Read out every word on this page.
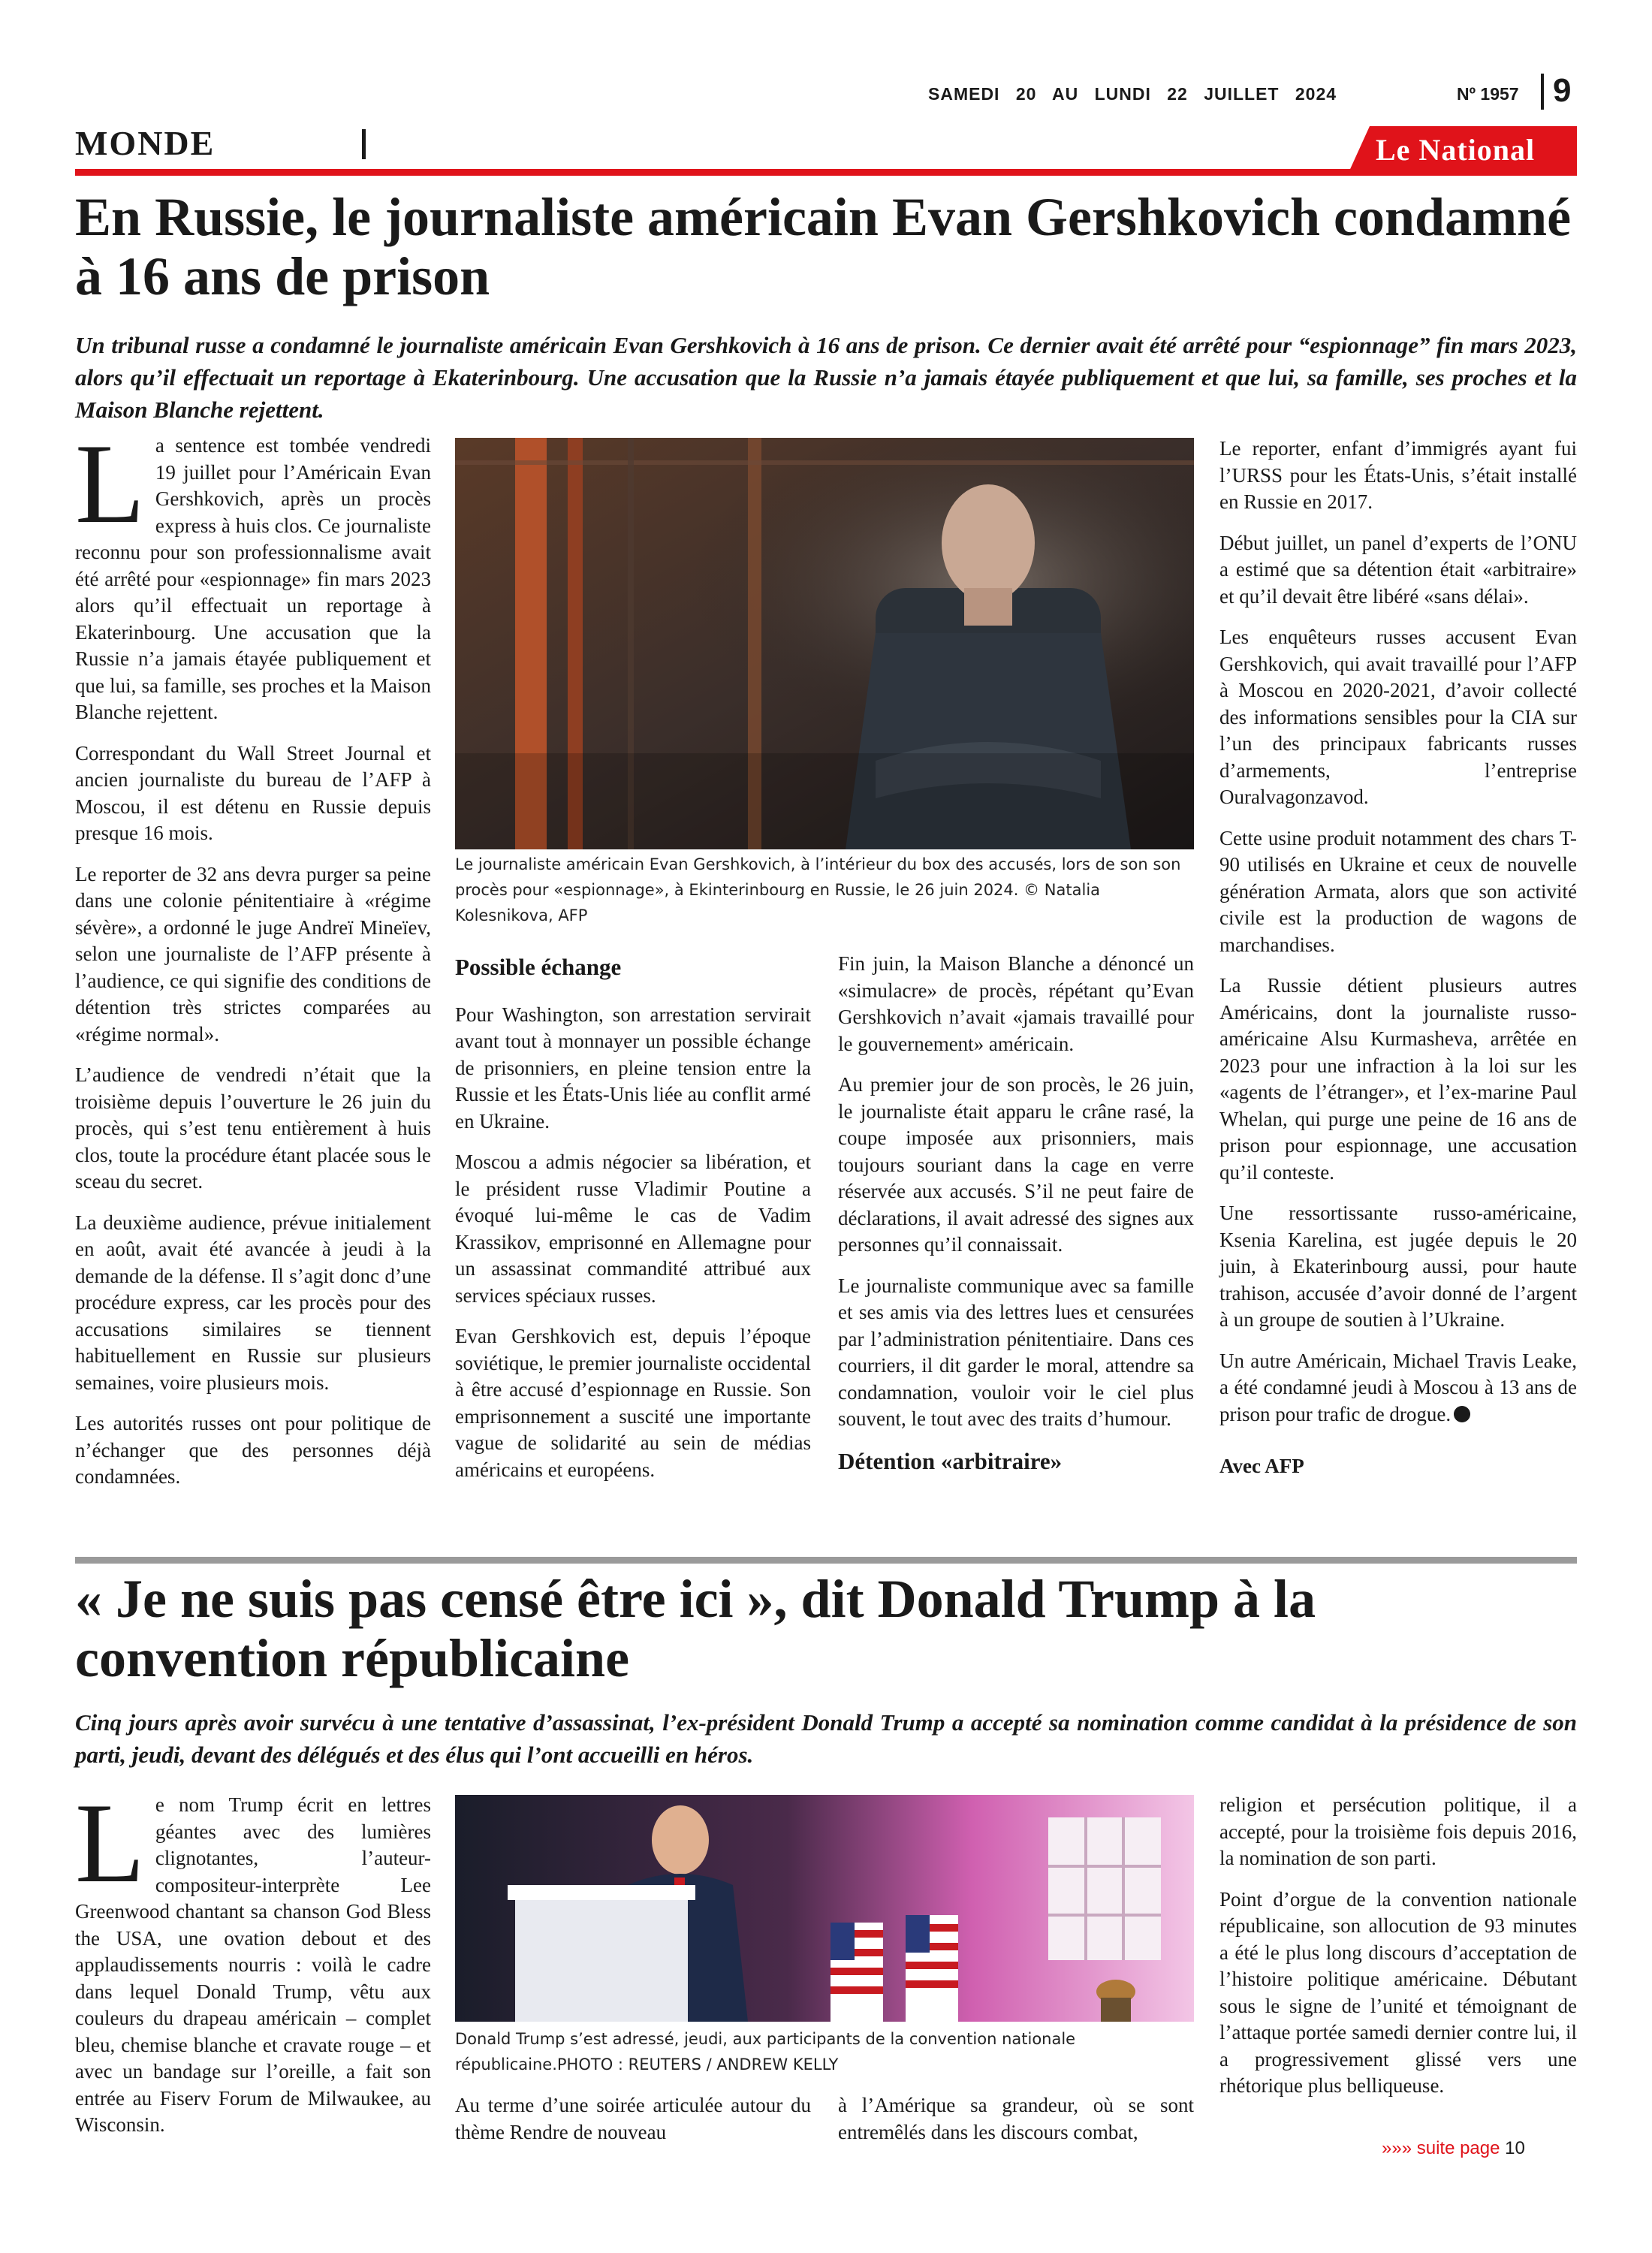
SAMEDI 20 AU LUNDI 22 JUILLET 2024	Nº 1957 9
MONDE	Le National
En Russie, le journaliste américain Evan Gershkovich condamné à 16 ans de prison

Un tribunal russe a condamné le journaliste américain Evan Gershkovich à 16 ans de prison. Ce dernier avait été arrêté pour “espionnage” fin mars 2023, alors qu’il effectuait un reportage à Ekaterinbourg. Une accusation que la Russie n’a jamais étayée publiquement et que lui, sa famille, ses proches et la Maison Blanche rejettent.

La sentence est tombée vendredi 19 juillet pour l’Américain Evan Gershkovich, après un procès express à huis clos. Ce journaliste reconnu pour son professionnalisme avait été arrêté pour «espionnage» fin mars 2023 alors qu’il effectuait un reportage à Ekaterinbourg. Une accusation que la Russie n’a jamais étayée publiquement et que lui, sa famille, ses proches et la Maison Blanche rejettent.

Correspondant du Wall Street Journal et ancien journaliste du bureau de l’AFP à Moscou, il est détenu en Russie depuis presque 16 mois.

Le reporter de 32 ans devra purger sa peine dans une colonie pénitentiaire à «régime sévère», a ordonné le juge Andreï Mineïev, selon une journaliste de l’AFP présente à l’audience, ce qui signifie des conditions de détention très strictes comparées au «régime normal».

L’audience de vendredi n’était que la troisième depuis l’ouverture le 26 juin du procès, qui s’est tenu entièrement à huis clos, toute la procédure étant placée sous le sceau du secret.

La deuxième audience, prévue initialement en août, avait été avancée à jeudi à la demande de la défense. Il s’agit donc d’une procédure express, car les procès pour des accusations similaires se tiennent habituellement en Russie sur plusieurs semaines, voire plusieurs mois.

Les autorités russes ont pour politique de n’échanger que des personnes déjà condamnées.

Le journaliste américain Evan Gershkovich, à l’intérieur du box des accusés, lors de son son procès pour «espionnage», à Ekinterinbourg en Russie, le 26 juin 2024. © Natalia Kolesnikova, AFP

Possible échange

Pour Washington, son arrestation servirait avant tout à monnayer un possible échange de prisonniers, en pleine tension entre la Russie et les États-Unis liée au conflit armé en Ukraine.

Moscou a admis négocier sa libération, et le président russe Vladimir Poutine a évoqué lui-même le cas de Vadim Krassikov, emprisonné en Allemagne pour un assassinat commandité attribué aux services spéciaux russes.

Evan Gershkovich est, depuis l’époque soviétique, le premier journaliste occidental à être accusé d’espionnage en Russie. Son emprisonnement a suscité une importante vague de solidarité au sein de médias américains et européens.

Fin juin, la Maison Blanche a dénoncé un «simulacre» de procès, répétant qu’Evan Gershkovich n’avait «jamais travaillé pour le gouvernement» américain.

Au premier jour de son procès, le 26 juin, le journaliste était apparu le crâne rasé, la coupe imposée aux prisonniers, mais toujours souriant dans la cage en verre réservée aux accusés. S’il ne peut faire de déclarations, il avait adressé des signes aux personnes qu’il connaissait.

Le journaliste communique avec sa famille et ses amis via des lettres lues et censurées par l’administration pénitentiaire. Dans ces courriers, il dit garder le moral, attendre sa condamnation, vouloir voir le ciel plus souvent, le tout avec des traits d’humour.

Détention «arbitraire»

Le reporter, enfant d’immigrés ayant fui l’URSS pour les États-Unis, s’était installé en Russie en 2017.

Début juillet, un panel d’experts de l’ONU a estimé que sa détention était «arbitraire» et qu’il devait être libéré «sans délai».

Les enquêteurs russes accusent Evan Gershkovich, qui avait travaillé pour l’AFP à Moscou en 2020-2021, d’avoir collecté des informations sensibles pour la CIA sur l’un des principaux fabricants russes d’armements, l’entreprise Ouralvagonzavod.

Cette usine produit notamment des chars T-90 utilisés en Ukraine et ceux de nouvelle génération Armata, alors que son activité civile est la production de wagons de marchandises.

La Russie détient plusieurs autres Américains, dont la journaliste russo-américaine Alsu Kurmasheva, arrêtée en 2023 pour une infraction à la loi sur les «agents de l’étranger», et l’ex-marine Paul Whelan, qui purge une peine de 16 ans de prison pour espionnage, une accusation qu’il conteste.

Une ressortissante russo-américaine, Ksenia Karelina, est jugée depuis le 20 juin, à Ekaterinbourg aussi, pour haute trahison, accusée d’avoir donné de l’argent à un groupe de soutien à l’Ukraine.

Un autre Américain, Michael Travis Leake, a été condamné jeudi à Moscou à 13 ans de prison pour trafic de drogue.

Avec AFP

« Je ne suis pas censé être ici », dit Donald Trump à la convention républicaine

Cinq jours après avoir survécu à une tentative d’assassinat, l’ex-président Donald Trump a accepté sa nomination comme candidat à la présidence de son parti, jeudi, devant des délégués et des élus qui l’ont accueilli en héros.

Le nom Trump écrit en lettres géantes avec des lumières clignotantes, l’auteur-compositeur-interprète Lee Greenwood chantant sa chanson God Bless the USA, une ovation debout et des applaudissements nourris : voilà le cadre dans lequel Donald Trump, vêtu aux couleurs du drapeau américain – complet bleu, chemise blanche et cravate rouge – et avec un bandage sur l’oreille, a fait son entrée au Fiserv Forum de Milwaukee, au Wisconsin.

Donald Trump s’est adressé, jeudi, aux participants de la convention nationale républicaine.PHOTO : REUTERS / ANDREW KELLY

Au terme d’une soirée articulée autour du thème Rendre de nouveau

à l’Amérique sa grandeur, où se sont entremêlés dans les discours combat,

religion et persécution politique, il a accepté, pour la troisième fois depuis 2016, la nomination de son parti.

Point d’orgue de la convention nationale républicaine, son allocution de 93 minutes a été le plus long discours d’acceptation de l’histoire politique américaine. Débutant sous le signe de l’unité et témoignant de l’attaque portée samedi dernier contre lui, il a progressivement glissé vers une rhétorique plus belliqueuse.

»»» suite page 10
